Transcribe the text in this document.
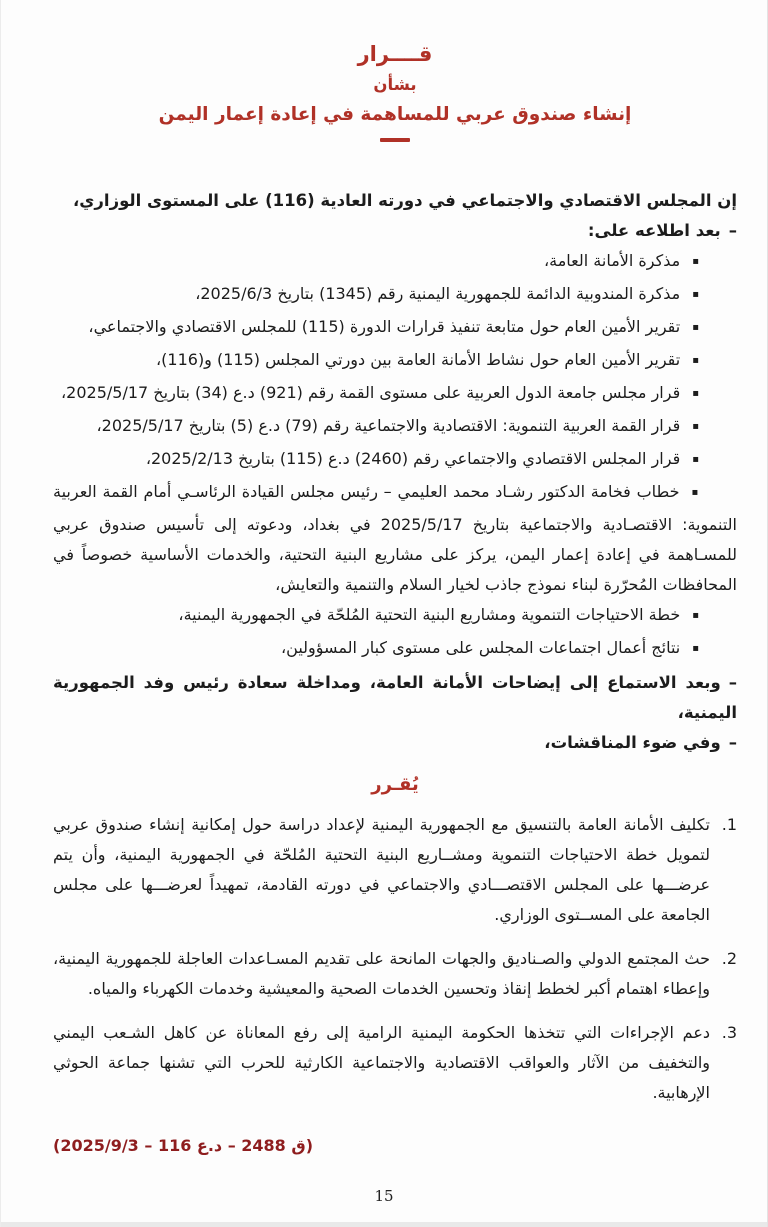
قــــرار
بشأن
إنشاء صندوق عربي للمساهمة في إعادة إعمار اليمن

إن المجلس الاقتصادي والاجتماعي في دورته العادية (116) على المستوى الوزاري،

–بعد اطلاعه على:

▪مذكرة الأمانة العامة،
▪مذكرة المندوبية الدائمة للجمهورية اليمنية رقم (1345) بتاريخ 2025/6/3،
▪تقرير الأمين العام حول متابعة تنفيذ قرارات الدورة (115) للمجلس الاقتصادي والاجتماعي،
▪تقرير الأمين العام حول نشاط الأمانة العامة بين دورتي المجلس (115) و(116)،
▪قرار مجلس جامعة الدول العربية على مستوى القمة رقم (921) د.ع (34) بتاريخ 2025/5/17،
▪قرار القمة العربية التنموية: الاقتصادية والاجتماعية رقم (79) د.ع (5) بتاريخ 2025/5/17،
▪قرار المجلس الاقتصادي والاجتماعي رقم (2460) د.ع (115) بتاريخ 2025/2/13،
▪خطاب فخامة الدكتور رشـاد محمد العليمي – رئيس مجلس القيادة الرئاسـي أمام القمة العربية التنموية: الاقتصـادية والاجتماعية بتاريخ 2025/5/17 في بغداد، ودعوته إلى تأسيس صندوق عربي للمسـاهمة في إعادة إعمار اليمن، يركز على مشاريع البنية التحتية، والخدمات الأساسية خصوصاً في المحافظات المُحرّرة لبناء نموذج جاذب لخيار السلام والتنمية والتعايش،
▪خطة الاحتياجات التنموية ومشاريع البنية التحتية المُلحّة في الجمهورية اليمنية،
▪نتائج أعمال اجتماعات المجلس على مستوى كبار المسؤولين،

–وبعد الاستماع إلى إيضاحات الأمانة العامة، ومداخلة سعادة رئيس وفد الجمهورية اليمنية،

–وفي ضوء المناقشات،

يُقـرر
1.
تكليف الأمانة العامة بالتنسيق مع الجمهورية اليمنية لإعداد دراسة حول إمكانية إنشاء صندوق عربي لتمويل خطة الاحتياجات التنموية ومشــاريع البنية التحتية المُلحّة في الجمهورية اليمنية، وأن يتم عرضـــها على المجلس الاقتصـــادي والاجتماعي في دورته القادمة، تمهيداً لعرضـــها على مجلس الجامعة على المســتوى الوزاري.
2.
حث المجتمع الدولي والصـناديق والجهات المانحة على تقديم المسـاعدات العاجلة للجمهورية اليمنية، وإعطاء اهتمام أكبر لخطط إنقاذ وتحسين الخدمات الصحية والمعيشية وخدمات الكهرباء والمياه.
3.
دعم الإجراءات التي تتخذها الحكومة اليمنية الرامية إلى رفع المعاناة عن كاهل الشـعب اليمني والتخفيف من الآثار والعواقب الاقتصادية والاجتماعية الكارثية للحرب التي تشنها جماعة الحوثي الإرهابية.
(ق 2488 – د.ع 116 – 2025/9/3)
15
